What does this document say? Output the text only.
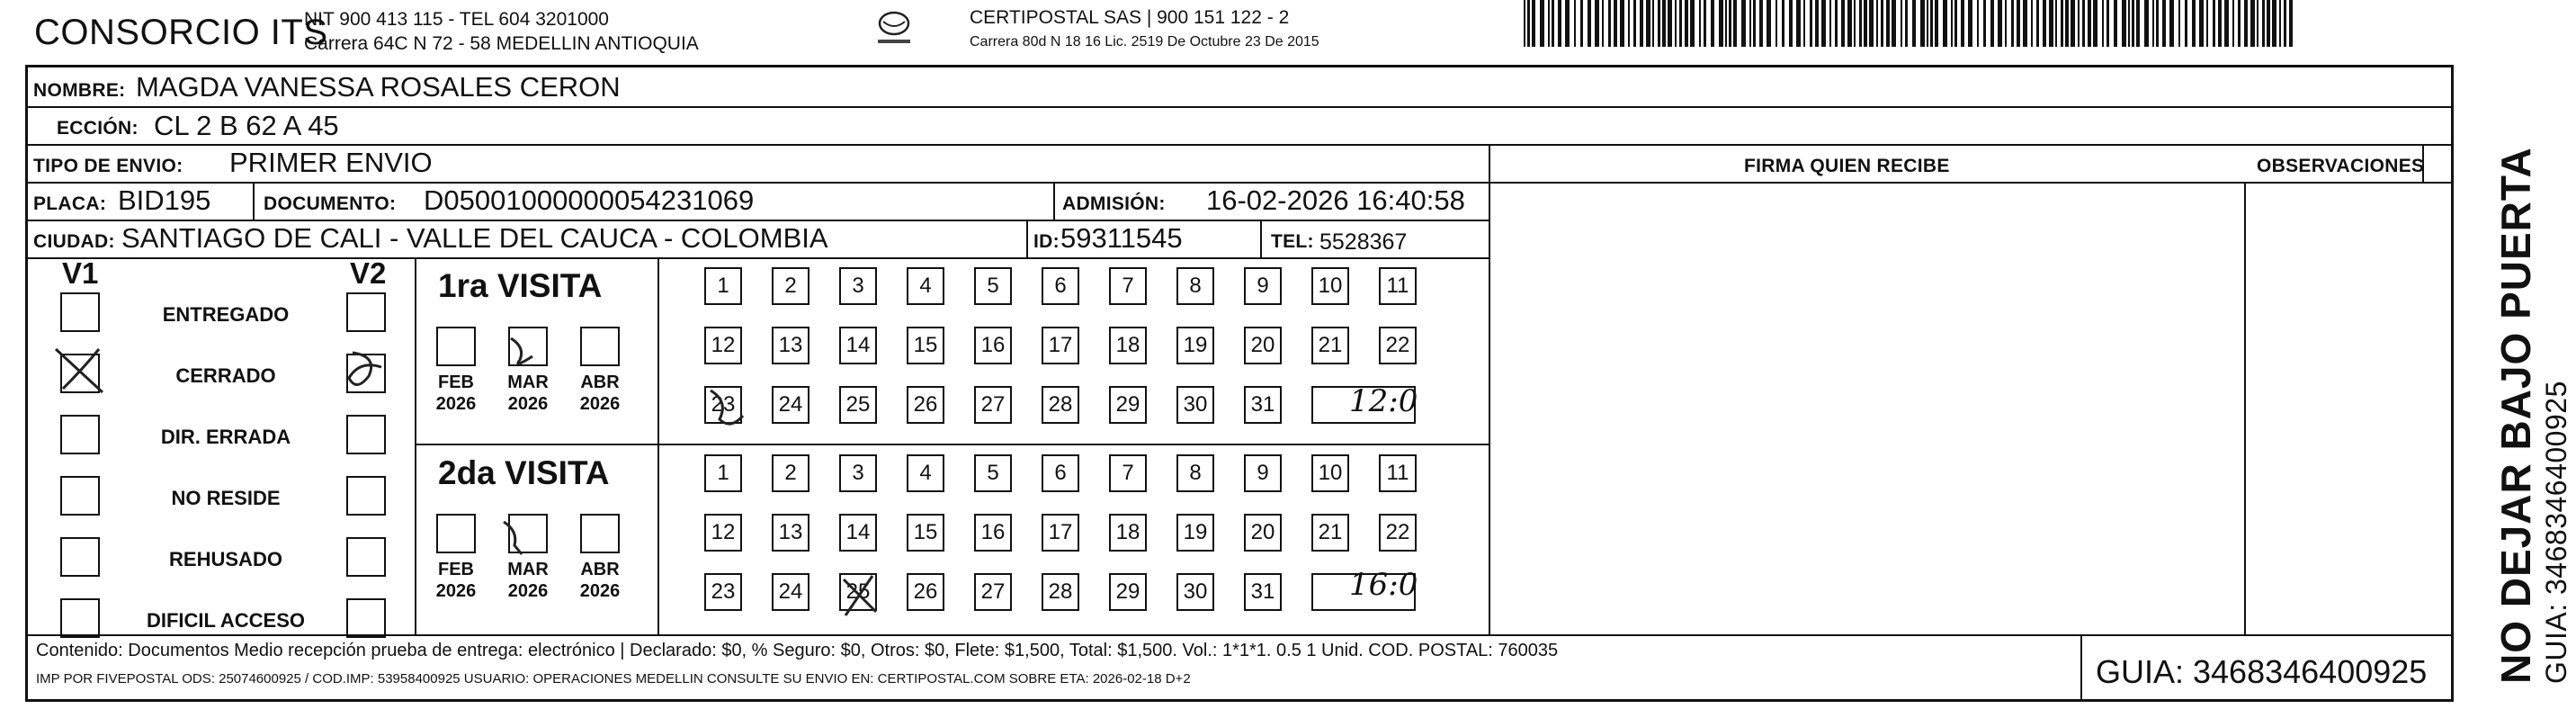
CONSORCIO ITS
NIT 900 413 115 - TEL 604 3201000
Carrera 64C N 72 - 58 MEDELLIN ANTIOQUIA
CERTIPOSTAL SAS | 900 151 122 - 2
Carrera 80d N 18 16 Lic. 2519 De Octubre 23 De 2015
NOMBRE: MAGDA VANESSA ROSALES CERON
ECCIÓN: CL 2 B 62 A 45
TIPO DE ENVIO: PRIMER ENVIO	FIRMA QUIEN RECIBE	OBSERVACIONES
PLACA: BID195	DOCUMENTO: D05001000000054231069	ADMISIÓN: 16-02-2026 16:40:58
CIUDAD: SANTIAGO DE CALI - VALLE DEL CAUCA - COLOMBIA	ID: 59311545	TEL: 5528367
V1	V2
ENTREGADO
CERRADO
DIR. ERRADA
NO RESIDE
REHUSADO
DIFICIL ACCESO
1ra VISITA
2da VISITA
FEB
2026
MAR
2026
ABR
2026
1	2	3	4	5	6	7	8	9	10	11
12	13	14	15	16	17	18	19	20	21	22
23	24	25	26	27	28	29	30	31
FEB
2026
MAR
2026
ABR
2026
1	2	3	4	5	6	7	8	9	10	11
12	13	14	15	16	17	18	19	20	21	22
23	24	25	26	27	28	29	30	31
12:0
16:0
Contenido: Documentos Medio recepción prueba de entrega: electrónico | Declarado: $0, % Seguro: $0, Otros: $0, Flete: $1,500, Total: $1,500. Vol.: 1*1*1. 0.5 1 Unid. COD. POSTAL: 760035
IMP POR FIVEPOSTAL ODS: 25074600925 / COD.IMP: 53958400925 USUARIO: OPERACIONES MEDELLIN CONSULTE SU ENVIO EN: CERTIPOSTAL.COM SOBRE ETA: 2026-02-18 D+2	GUIA: 3468346400925 NO DEJAR BAJO PUERTA GUIA: 3468346400925
